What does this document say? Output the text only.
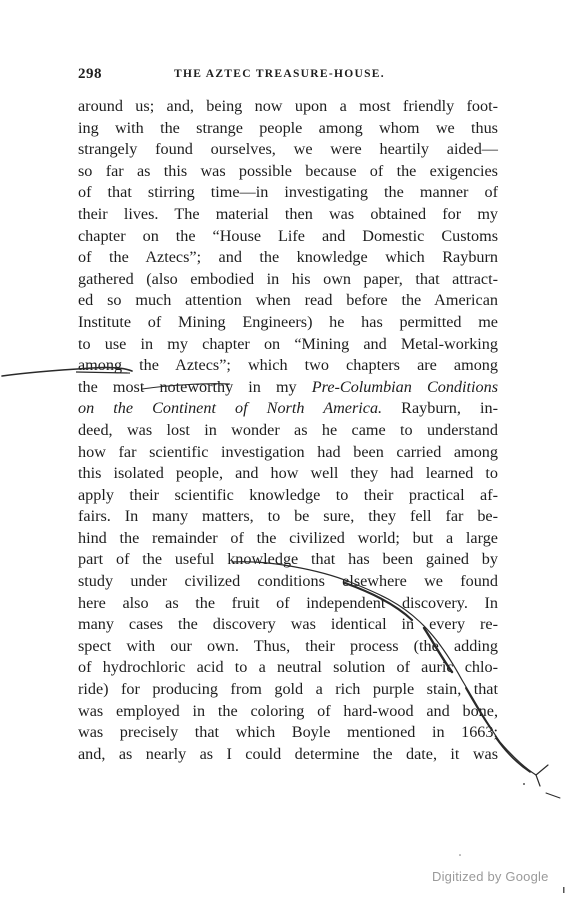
298	THE AZTEC TREASURE-HOUSE.
around us; and, being now upon a most friendly foot-
ing with the strange people among whom we thus
strangely found ourselves, we were heartily aided—
so far as this was possible because of the exigencies
of that stirring time—in investigating the manner of
their lives. The material then was obtained for my
chapter on the “House Life and Domestic Customs
of the Aztecs”; and the knowledge which Rayburn
gathered (also embodied in his own paper, that attract-
ed so much attention when read before the American
Institute of Mining Engineers) he has permitted me
to use in my chapter on “Mining and Metal-working
among the Aztecs”; which two chapters are among
the most noteworthy in my Pre-Columbian Conditions
on the Continent of North America. Rayburn, in-
deed, was lost in wonder as he came to understand
how far scientific investigation had been carried among
this isolated people, and how well they had learned to
apply their scientific knowledge to their practical af-
fairs. In many matters, to be sure, they fell far be-
hind the remainder of the civilized world; but a large
part of the useful knowledge that has been gained by
study under civilized conditions elsewhere we found
here also as the fruit of independent discovery. In
many cases the discovery was identical in every re-
spect with our own. Thus, their process (the adding
of hydrochloric acid to a neutral solution of auric chlo-
ride) for producing from gold a rich purple stain, that
was employed in the coloring of hard-wood and bone,
was precisely that which Boyle mentioned in 1663;
and, as nearly as I could determine the date, it was
Digitized by Google
